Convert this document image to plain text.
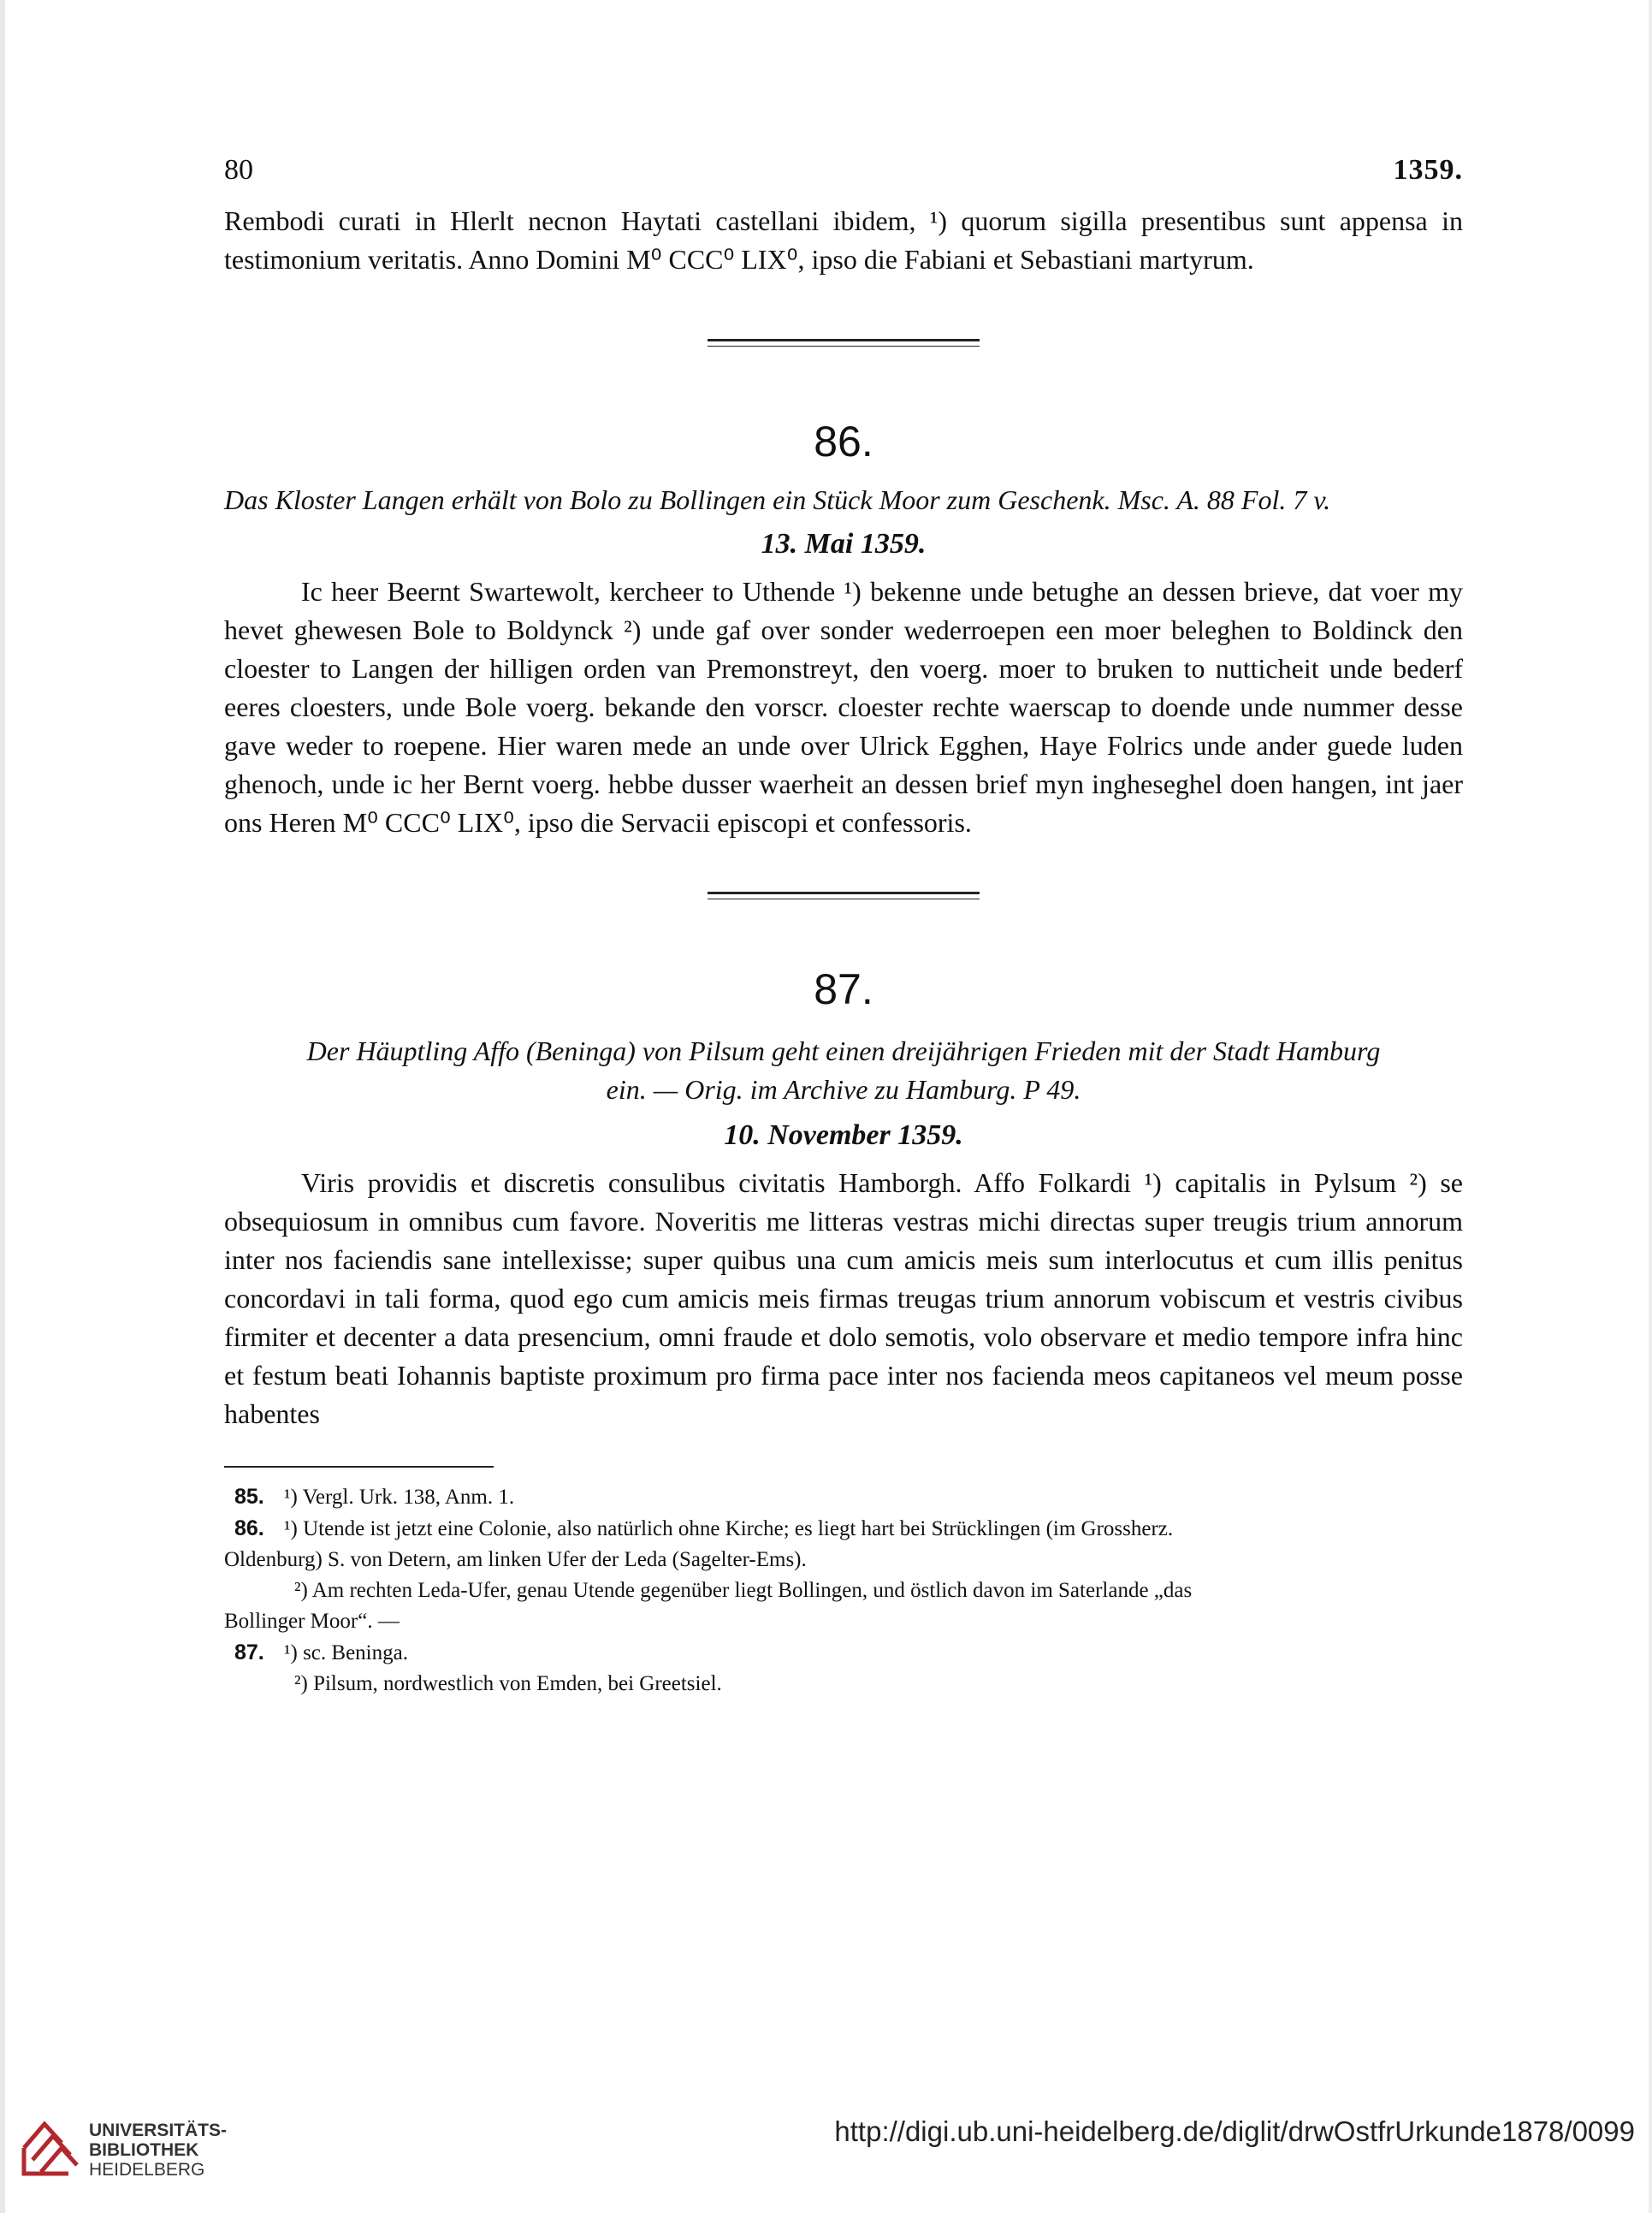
80	1359.

Rembodi curati in Hlerlt necnon Haytati castellani ibidem, ¹) quorum sigilla presentibus sunt appensa in testimonium veritatis. Anno Domini M⁰ CCC⁰ LIX⁰, ipso die Fabiani et Sebastiani martyrum.

86.

Das Kloster Langen erhält von Bolo zu Bollingen ein Stück Moor zum Geschenk. Msc. A. 88 Fol. 7 v.

13. Mai 1359.

Ic heer Beernt Swartewolt, kercheer to Uthende ¹) bekenne unde betughe an dessen brieve, dat voer my hevet ghewesen Bole to Boldynck ²) unde gaf over sonder wederroepen een moer beleghen to Boldinck den cloester to Langen der hilligen orden van Premonstreyt, den voerg. moer to bruken to nutticheit unde bederf eeres cloesters, unde Bole voerg. bekande den vorscr. cloester rechte waerscap to doende unde nummer desse gave weder to roepene. Hier waren mede an unde over Ulrick Egghen, Haye Folrics unde ander guede luden ghenoch, unde ic her Bernt voerg. hebbe dusser waerheit an dessen brief myn ingheseghel doen hangen, int jaer ons Heren M⁰ CCC⁰ LIX⁰, ipso die Servacii episcopi et confessoris.

87.

Der Häuptling Affo (Beninga) von Pilsum geht einen dreijährigen Frieden mit der Stadt Hamburg

ein. — Orig. im Archive zu Hamburg. P 49.

10. November 1359.

Viris providis et discretis consulibus civitatis Hamborgh. Affo Folkardi ¹) capitalis in Pylsum ²) se obsequiosum in omnibus cum favore. Noveritis me litteras vestras michi directas super treugis trium annorum inter nos faciendis sane intellexisse; super quibus una cum amicis meis sum interlocutus et cum illis penitus concordavi in tali forma, quod ego cum amicis meis firmas treugas trium annorum vobiscum et vestris civibus firmiter et decenter a data presencium, omni fraude et dolo semotis, volo observare et medio tempore infra hinc et festum beati Iohannis baptiste proximum pro firma pace inter nos facienda meos capitaneos vel meum posse habentes

85. ¹) Vergl. Urk. 138, Anm. 1.

86. ¹) Utende ist jetzt eine Colonie, also natürlich ohne Kirche; es liegt hart bei Strücklingen (im Grossherz.

Oldenburg) S. von Detern, am linken Ufer der Leda (Sagelter-Ems).

²) Am rechten Leda-Ufer, genau Utende gegenüber liegt Bollingen, und östlich davon im Saterlande „das

Bollinger Moor“. —

87. ¹) sc. Beninga.

²) Pilsum, nordwestlich von Emden, bei Greetsiel.

UNIVERSITÄTS-
BIBLIOTHEK
HEIDELBERG
http://digi.ub.uni-heidelberg.de/diglit/drwOstfrUrkunde1878/0099
